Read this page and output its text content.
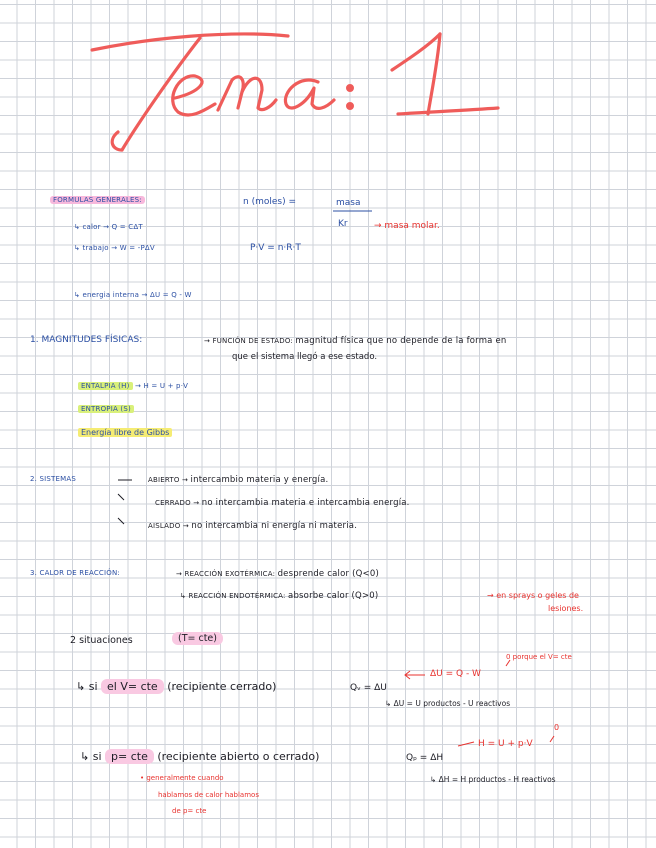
FORMULAS GENERALES:	n (moles) =	masa
Kr	→ masa molar.
↳ calor → Q = CΔT
↳ trabajo → W = -PΔV	P·V = n·R·T
↳ energia interna → ΔU = Q - W
1. MAGNITUDES FÍSICAS:	→ FUNCIÓN DE ESTADO: magnitud física que no depende de la forma en
que el sistema llegó a ese estado.
ENTALPIA (H) → H = U + p·V
ENTROPIA (S)
Energía libre de Gibbs
2. SISTEMAS	ABIERTO → intercambio materia y energía.
CERRADO → no intercambia materia e intercambia energía.
AISLADO → no intercambia ni energía ni materia.
3. CALOR DE REACCIÓN:	→ REACCIÓN EXOTÉRMICA: desprende calor (Q<0)
↳ REACCIÓN ENDOTÉRMICA: absorbe calor (Q>0)	→ en sprays o geles de
lesiones.
2 situaciones	(T= cte)
↳ si el V= cte (recipiente cerrado)	Qᵥ = ΔU
ΔU = Q - W
0 porque el V= cte
↳ ΔU = U productos - U reactivos
↳ si p= cte (recipiente abierto o cerrado)	Qₚ = ΔH
H = U + p·V
0
↳ ΔH = H productos - H reactivos
• generalmente cuando
hablamos de calor hablamos
de p= cte
